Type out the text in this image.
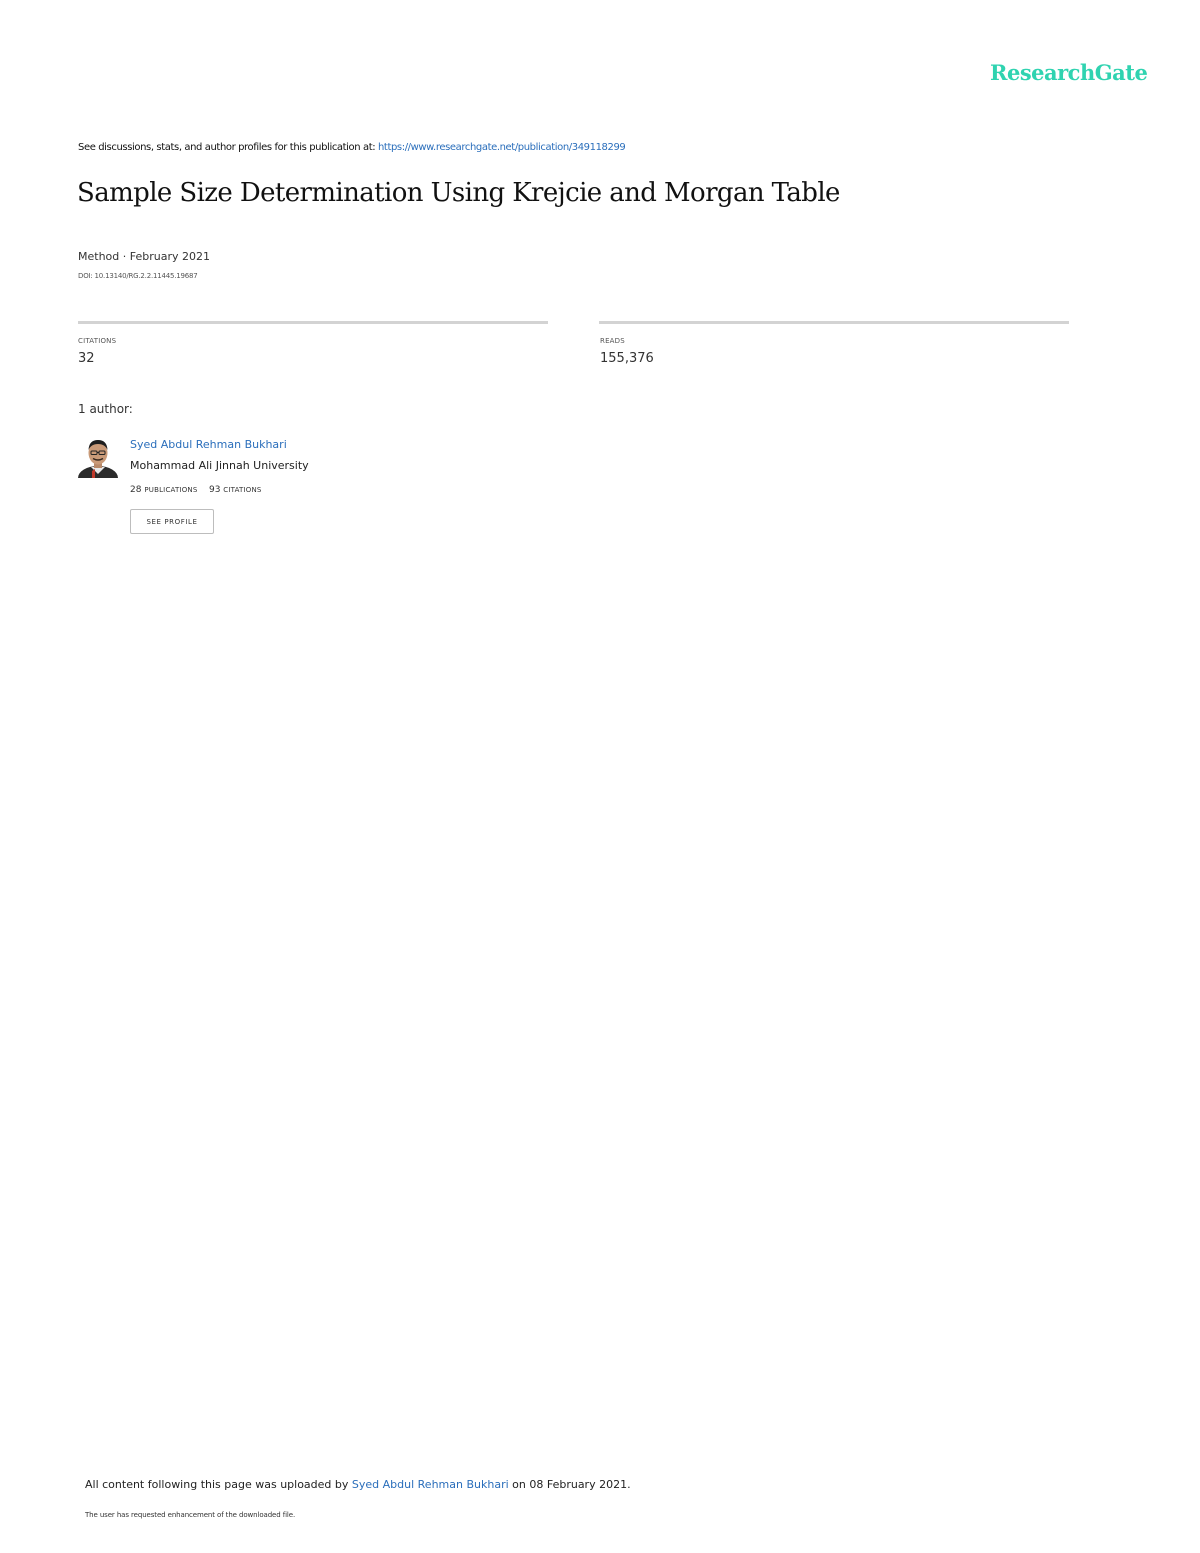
ResearchGate
See discussions, stats, and author profiles for this publication at: https://www.researchgate.net/publication/349118299
Sample Size Determination Using Krejcie and Morgan Table
Method · February 2021
DOI: 10.13140/RG.2.2.11445.19687
CITATIONS
32
READS
155,376
1 author:
Syed Abdul Rehman Bukhari
Mohammad Ali Jinnah University
28 PUBLICATIONS 93 CITATIONS
SEE PROFILE
All content following this page was uploaded by Syed Abdul Rehman Bukhari on 08 February 2021.
The user has requested enhancement of the downloaded file.
